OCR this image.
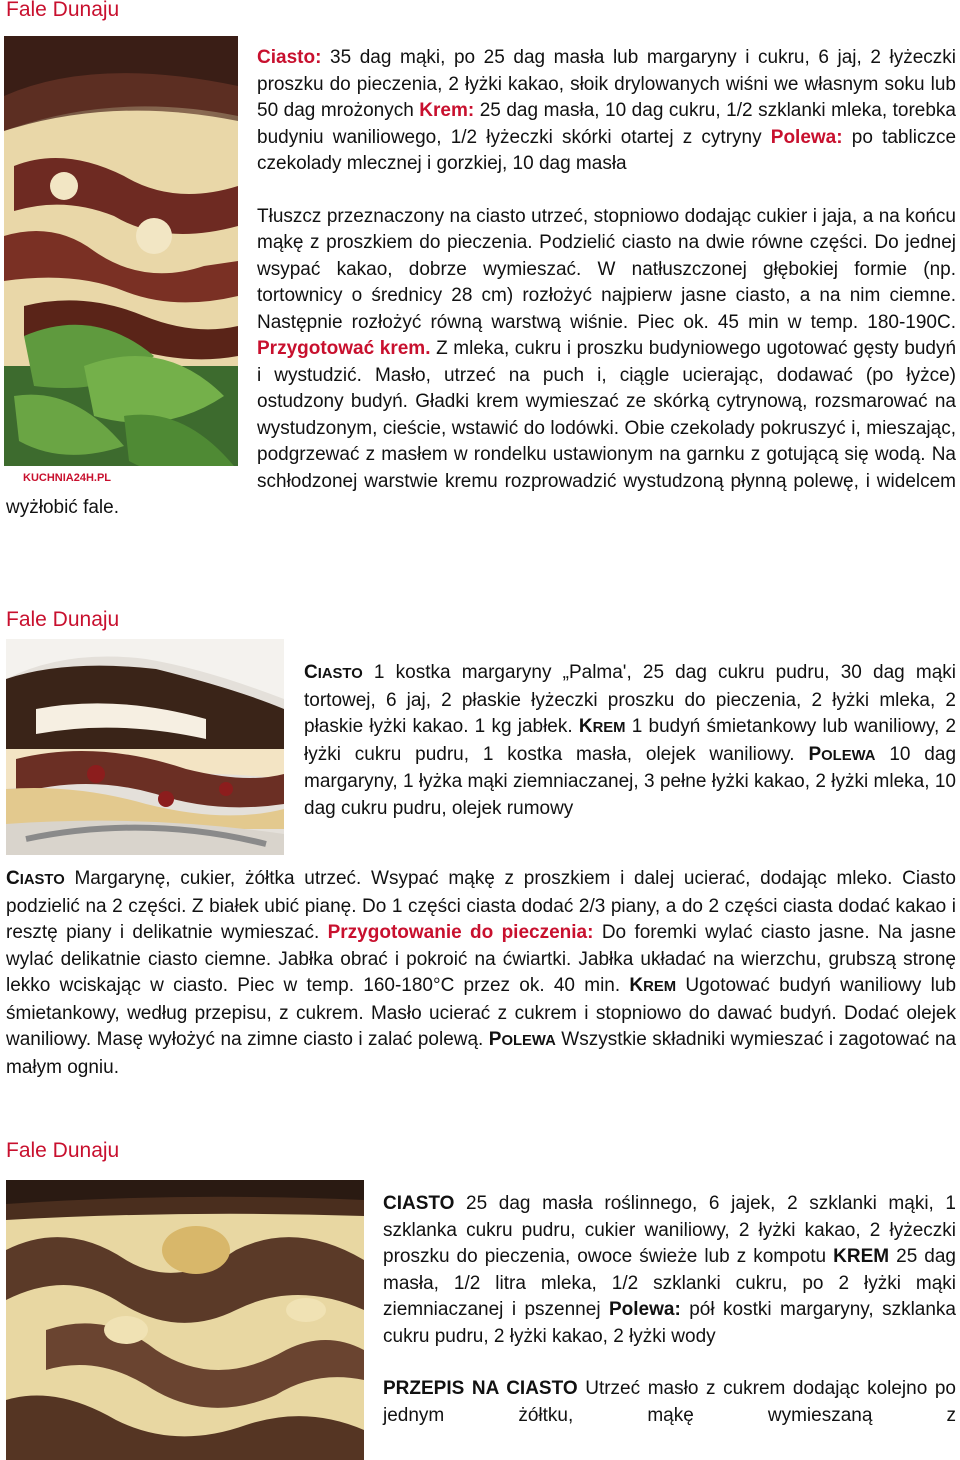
Fale Dunaju
KUCHNIA24H.PL

Ciasto: 35 dag mąki, po 25 dag masła lub margaryny i cukru, 6 jaj, 2 łyżeczki proszku do pieczenia, 2 łyżki kakao, słoik drylowanych wiśni we własnym soku lub 50 dag mrożonych Krem: 25 dag masła, 10 dag cukru, 1/2 szklanki mleka, torebka budyniu waniliowego, 1/2 łyżeczki skórki otartej z cytryny Polewa: po tabliczce czekolady mlecznej i gorzkiej, 10 dag masła

Tłuszcz przeznaczony na ciasto utrzeć, stopniowo dodając cukier i jaja, a na końcu mąkę z proszkiem do pieczenia. Podzielić ciasto na dwie równe części. Do jednej wsypać kakao, dobrze wymieszać. W natłuszczonej głębokiej formie (np. tortownicy o średnicy 28 cm) rozłożyć najpierw jasne ciasto, a na nim ciemne. Następnie rozłożyć równą warstwą wiśnie. Piec ok. 45 min w temp. 180-190C. Przygotować krem. Z mleka, cukru i proszku budyniowego ugotować gęsty budyń i wystudzić. Masło, utrzeć na puch i, ciągle ucierając, dodawać (po łyżce) ostudzony budyń. Gładki krem wymieszać ze skórką cytrynową, rozsmarować na wystudzonym, cieście, wstawić do lodówki. Obie czekolady pokruszyć i, mieszając, podgrzewać z masłem w rondelku ustawionym na garnku z gotującą się wodą. Na schłodzonej warstwie kremu rozprowadzić wystudzoną płynną polewę, i widelcem wyżłobić fale.

Fale Dunaju

CIASTO 1 kostka margaryny „Palma', 25 dag cukru pudru, 30 dag mąki tortowej, 6 jaj, 2 płaskie łyżeczki proszku do pieczenia, 2 łyżki mleka, 2 płaskie łyżki kakao. 1 kg jabłek. KREM 1 budyń śmietankowy lub waniliowy, 2 łyżki cukru pudru, 1 kostka masła, olejek waniliowy. POLEWA 10 dag margaryny, 1 łyżka mąki ziemniaczanej, 3 pełne łyżki kakao, 2 łyżki mleka, 10 dag cukru pudru, olejek rumowy

CIASTO Margarynę, cukier, żółtka utrzeć. Wsypać mąkę z proszkiem i dalej ucierać, dodając mleko. Ciasto podzielić na 2 części. Z białek ubić pianę. Do 1 części ciasta dodać 2/3 piany, a do 2 części ciasta dodać kakao i resztę piany i delikatnie wymieszać. Przygotowanie do pieczenia: Do foremki wylać ciasto jasne. Na jasne wylać delikatnie ciasto ciemne. Jabłka obrać i pokroić na ćwiartki. Jabłka układać na wierzchu, grubszą stronę lekko wciskając w ciasto. Piec w temp. 160-180°C przez ok. 40 min. KREM Ugotować budyń waniliowy lub śmietankowy, według przepisu, z cukrem. Masło ucierać z cukrem i stopniowo do dawać budyń. Dodać olejek waniliowy. Masę wyłożyć na zimne ciasto i zalać polewą. POLEWA Wszystkie składniki wymieszać i zagotować na małym ogniu.

Fale Dunaju

CIASTO 25 dag masła roślinnego, 6 jajek, 2 szklanki mąki, 1 szklanka cukru pudru, cukier waniliowy, 2 łyżki kakao, 2 łyżeczki proszku do pieczenia, owoce świeże lub z kompotu KREM 25 dag masła, 1/2 litra mleka, 1/2 szklanki cukru, po 2 łyżki mąki ziemniaczanej i pszennej Polewa: pół kostki margaryny, szklanka cukru pudru, 2 łyżki kakao, 2 łyżki wody

PRZEPIS NA CIASTO Utrzeć masło z cukrem dodając kolejno po jednym żółtku, mąkę wymieszaną z
